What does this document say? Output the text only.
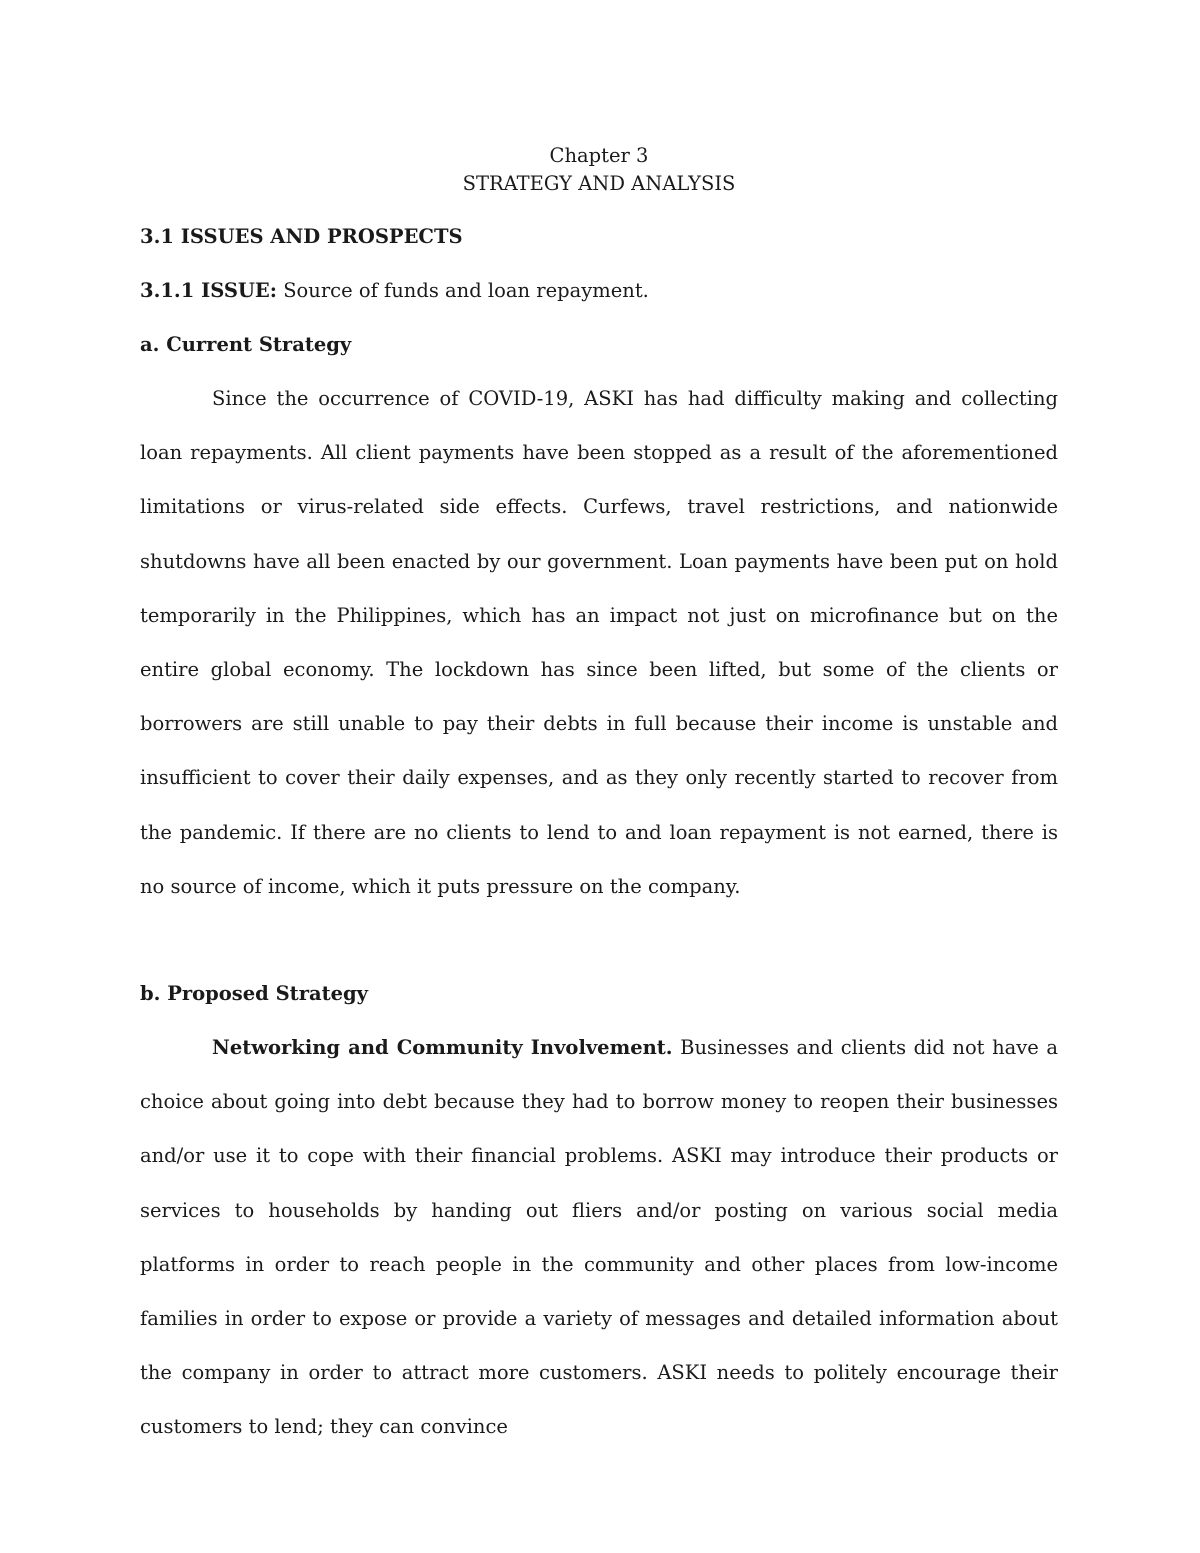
Chapter 3
STRATEGY AND ANALYSIS
3.1 ISSUES AND PROSPECTS
3.1.1 ISSUE: Source of funds and loan repayment.
a. Current Strategy

Since the occurrence of COVID-19, ASKI has had difficulty making and collecting loan repayments. All client payments have been stopped as a result of the aforementioned limitations or virus-related side effects. Curfews, travel restrictions, and nationwide shutdowns have all been enacted by our government. Loan payments have been put on hold temporarily in the Philippines, which has an impact not just on microfinance but on the entire global economy. The lockdown has since been lifted, but some of the clients or borrowers are still unable to pay their debts in full because their income is unstable and insufficient to cover their daily expenses, and as they only recently started to recover from the pandemic. If there are no clients to lend to and loan repayment is not earned, there is no source of income, which it puts pressure on the company.

b. Proposed Strategy

Networking and Community Involvement. Businesses and clients did not have a choice about going into debt because they had to borrow money to reopen their businesses and/or use it to cope with their financial problems. ASKI may introduce their products or services to households by handing out fliers and/or posting on various social media platforms in order to reach people in the community and other places from low-income families in order to expose or provide a variety of messages and detailed information about the company in order to attract more customers. ASKI needs to politely encourage their customers to lend; they can convince
